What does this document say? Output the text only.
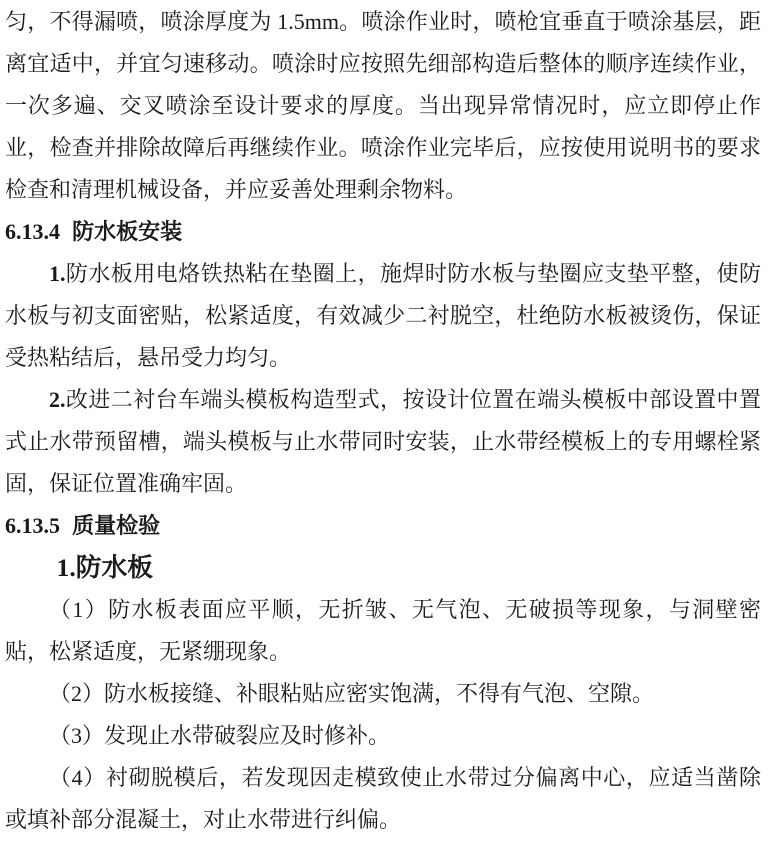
匀，不得漏喷，喷涂厚度为 1.5mm。喷涂作业时，喷枪宜垂直于喷涂基层，距离宜适中，并宜匀速移动。喷涂时应按照先细部构造后整体的顺序连续作业，一次多遍、交叉喷涂至设计要求的厚度。当出现异常情况时，应立即停止作业，检查并排除故障后再继续作业。喷涂作业完毕后，应按使用说明书的要求检查和清理机械设备，并应妥善处理剩余物料。

6.13.4 防水板安装

1.防水板用电烙铁热粘在垫圈上，施焊时防水板与垫圈应支垫平整，使防水板与初支面密贴，松紧适度，有效减少二衬脱空，杜绝防水板被烫伤，保证受热粘结后，悬吊受力均匀。

2.改进二衬台车端头模板构造型式，按设计位置在端头模板中部设置中置式止水带预留槽，端头模板与止水带同时安装，止水带经模板上的专用螺栓紧固，保证位置准确牢固。

6.13.5 质量检验
1.防水板

（1）防水板表面应平顺，无折皱、无气泡、无破损等现象，与洞壁密贴，松紧适度，无紧绷现象。

（2）防水板接缝、补眼粘贴应密实饱满，不得有气泡、空隙。

（3）发现止水带破裂应及时修补。

（4）衬砌脱模后，若发现因走模致使止水带过分偏离中心，应适当凿除或填补部分混凝土，对止水带进行纠偏。
